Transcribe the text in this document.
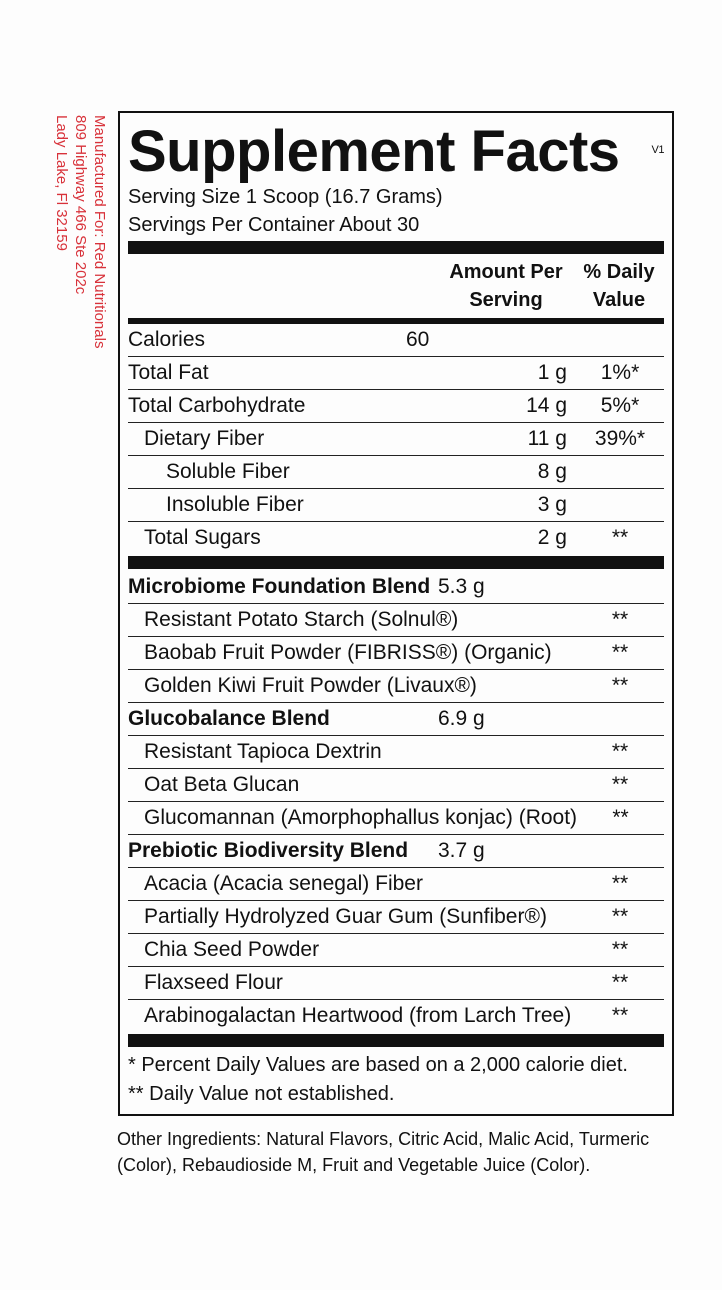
Manufactured For: Red Nutritionals
809 Highway 466 Ste 202c
Lady Lake, Fl 32159 Supplement Facts	V1
Serving Size 1 Scoop (16.7 Grams)
Servings Per Container About 30
Amount Per
Serving
% Daily
Value
Calories	60
Total Fat	1 g	1%*
Total Carbohydrate	14 g	5%*
Dietary Fiber	11 g	39%*
Soluble Fiber	8 g
Insoluble Fiber	3 g
Total Sugars	2 g	**
Microbiome Foundation Blend 5.3 g
Resistant Potato Starch (Solnul®)	**
Baobab Fruit Powder (FIBRISS®) (Organic)	**
Golden Kiwi Fruit Powder (Livaux®)	**
Glucobalance Blend	6.9 g
Resistant Tapioca Dextrin	**
Oat Beta Glucan	**
Glucomannan (Amorphophallus konjac) (Root)	**
Prebiotic Biodiversity Blend	3.7 g
Acacia (Acacia senegal) Fiber	**
Partially Hydrolyzed Guar Gum (Sunfiber®)	**
Chia Seed Powder	**
Flaxseed Flour	**
Arabinogalactan Heartwood (from Larch Tree)	**
* Percent Daily Values are based on a 2,000 calorie diet.
** Daily Value not established.
Other Ingredients: Natural Flavors, Citric Acid, Malic Acid, Turmeric (Color), Rebaudioside M, Fruit and Vegetable Juice (Color).
